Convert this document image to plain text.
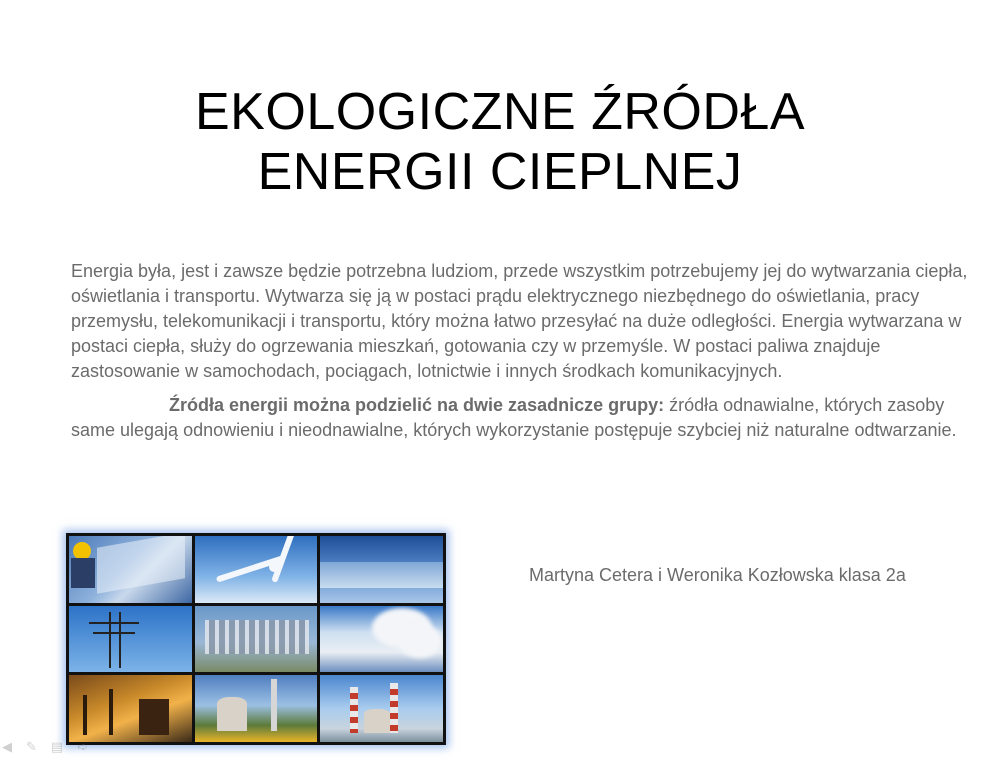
EKOLOGICZNE ŹRÓDŁA
ENERGII CIEPLNEJ

Energia była, jest i zawsze będzie potrzebna ludziom, przede wszystkim potrzebujemy jej do wytwarzania ciepła, oświetlania i transportu. Wytwarza się ją w postaci prądu elektrycznego niezbędnego do oświetlania, pracy przemysłu, telekomunikacji i transportu, który można łatwo przesyłać na duże odległości. Energia wytwarzana w postaci ciepła, służy do ogrzewania mieszkań, gotowania czy w przemyśle. W postaci paliwa znajduje zastosowanie w samochodach, pociągach, lotnictwie i innych środkach komunikacyjnych.

Źródła energii można podzielić na dwie zasadnicze grupy: źródła odnawialne, których zasoby same ulegają odnowieniu i nieodnawialne, których wykorzystanie postępuje szybciej niż naturalne odtwarzanie.

Martyna Cetera i Weronika Kozłowska klasa 2a
◀ ✎ ▤ ➪
